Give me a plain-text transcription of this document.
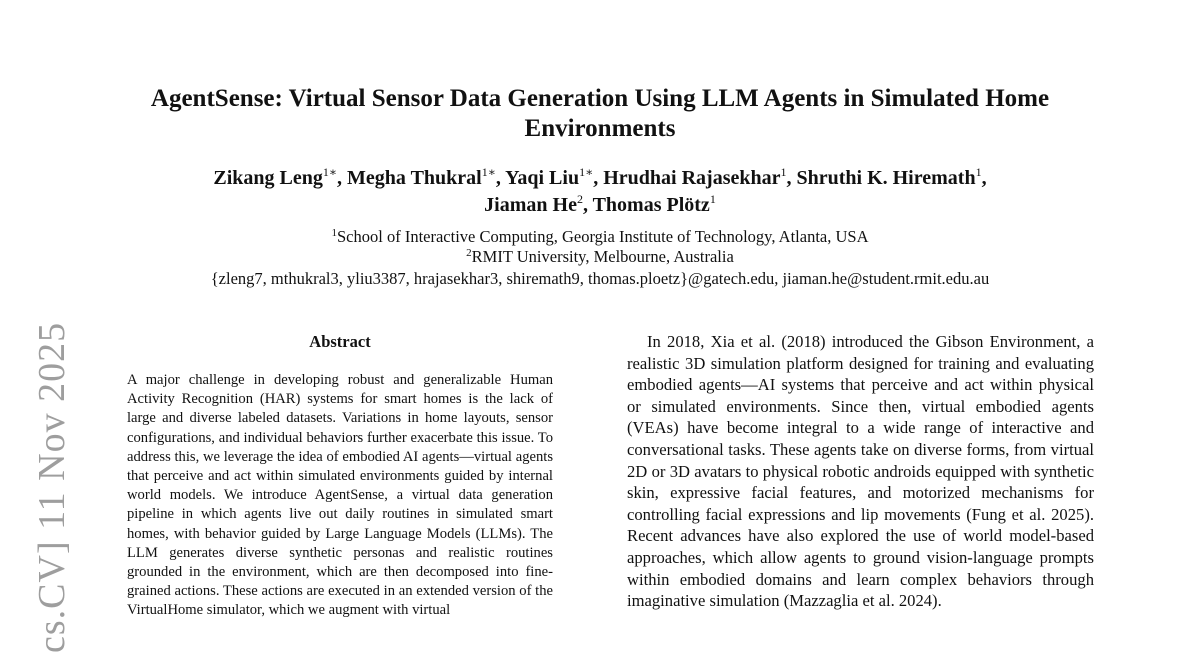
cs.CV] 11 Nov 2025
AgentSense: Virtual Sensor Data Generation Using LLM Agents in Simulated Home Environments
Zikang Leng$^{1∗}$, Megha Thukral$^{1∗}$, Yaqi Liu$^{1∗}$, Hrudhai Rajasekhar$^1$, Shruthi K. Hiremath$^1$,
Jiaman He$^2$, Thomas Plötz$^1$
$^1$School of Interactive Computing, Georgia Institute of Technology, Atlanta, USA
$^2$RMIT University, Melbourne, Australia
{zleng7, mthukral3, yliu3387, hrajasekhar3, shiremath9, thomas.ploetz}@gatech.edu, jiaman.he@student.rmit.edu.au
Abstract
A major challenge in developing robust and generalizable Human Activity Recognition (HAR) systems for smart homes is the lack of large and diverse labeled datasets. Variations in home layouts, sensor configurations, and individual behaviors further exacerbate this issue. To address this, we leverage the idea of embodied AI agents—virtual agents that perceive and act within simulated environments guided by internal world models. We introduce AgentSense, a virtual data generation pipeline in which agents live out daily routines in simulated smart homes, with behavior guided by Large Language Models (LLMs). The LLM generates diverse synthetic personas and realistic routines grounded in the environment, which are then decomposed into fine-grained actions. These actions are executed in an extended version of the VirtualHome simulator, which we augment with virtual
In 2018, Xia et al. (2018) introduced the Gibson Environment, a realistic 3D simulation platform designed for training and evaluating embodied agents—AI systems that perceive and act within physical or simulated environments. Since then, virtual embodied agents (VEAs) have become integral to a wide range of interactive and conversational tasks. These agents take on diverse forms, from virtual 2D or 3D avatars to physical robotic androids equipped with synthetic skin, expressive facial features, and motorized mechanisms for controlling facial expressions and lip movements (Fung et al. 2025). Recent advances have also explored the use of world model-based approaches, which allow agents to ground vision-language prompts within embodied domains and learn complex behaviors through imaginative simulation (Mazzaglia et al. 2024).
